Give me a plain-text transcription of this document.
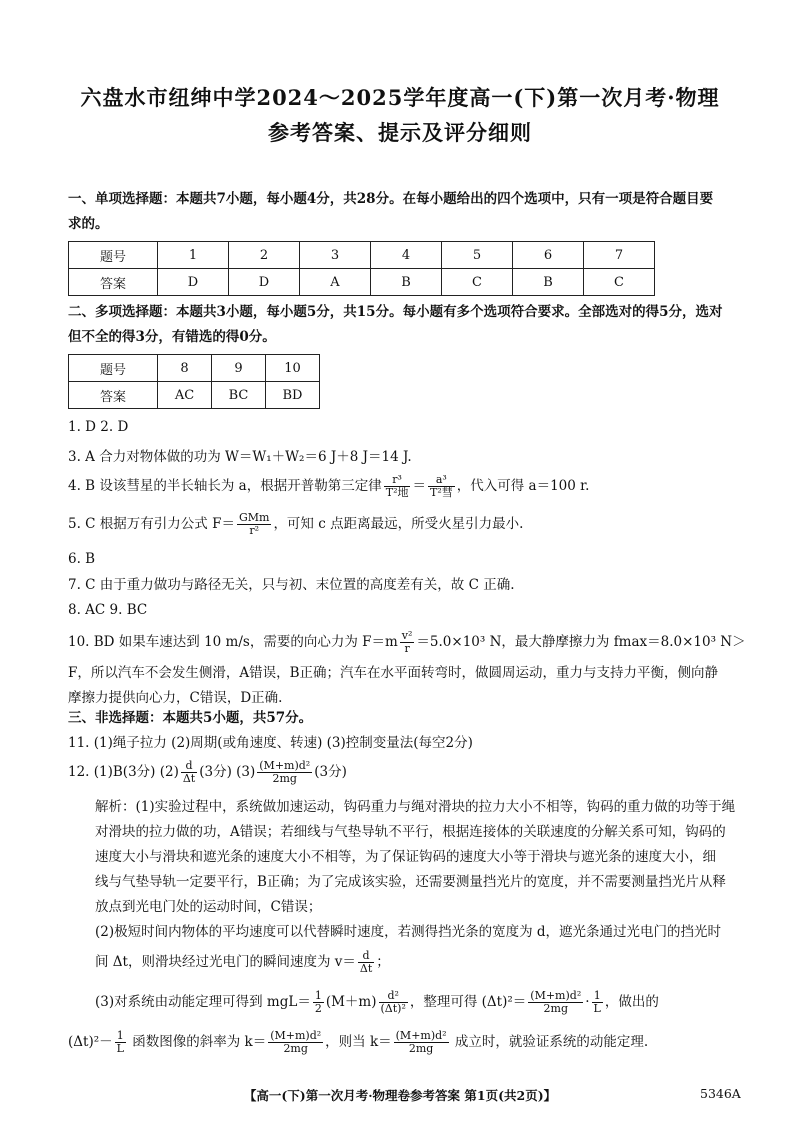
六盘水市纽绅中学2024～2025学年度高一(下)第一次月考·物理
参考答案、提示及评分细则
一、单项选择题：本题共7小题，每小题4分，共28分。在每小题给出的四个选项中，只有一项是符合题目要
求的。
题号	1	2	3	4	5	6	7
答案	D	D	A	B	C	B	C
二、多项选择题：本题共3小题，每小题5分，共15分。每小题有多个选项符合要求。全部选对的得5分，选对
但不全的得3分，有错选的得0分。
题号	8	9	10
答案	AC	BC	BD
1. D 2. D
3. A 合力对物体做的功为 W＝W₁＋W₂＝6 J＋8 J＝14 J.
4. B 设该彗星的半长轴长为 a，根据开普勒第三定律 $\frac{\text{r³}}{\text{T²地}} = \frac{\text{a³}}{\text{T²彗}}$ ，代入可得 a＝100 r.
5. C 根据万有引力公式 $F= \frac{\text{GMm}}{\text{r²}}$ ，可知 c 点距离最远，所受火星引力最小.
6. B
7. C 由于重力做功与路径无关，只与初、末位置的高度差有关，故 C 正确.
8. AC 9. BC
10. BD 如果车速达到 10 m/s，需要的向心力为 $F=m \frac{\text{v²}}{r} =5.0\times 10^3$ N，最大静摩擦力为 fmax＝8.0×10³ N＞
F，所以汽车不会发生侧滑，A错误，B正确；汽车在水平面转弯时，做圆周运动，重力与支持力平衡，侧向静
摩擦力提供向心力，C错误，D正确.
三、非选择题：本题共5小题，共57分。
11. (1)绳子拉力 (2)周期(或角速度、转速) (3)控制变量法(每空2分)
12. (1)B(3分) $(2) \frac{d}{\Delta t} (3$分) $(3) \frac{\text{(M+m)d²}}{2mg} (3$分)
解析：(1)实验过程中，系统做加速运动，钩码重力与绳对滑块的拉力大小不相等，钩码的重力做的功等于绳
对滑块的拉力做的功，A错误；若细线与气垫导轨不平行，根据连接体的关联速度的分解关系可知，钩码的
速度大小与滑块和遮光条的速度大小不相等，为了保证钩码的速度大小等于滑块与遮光条的速度大小，细
线与气垫导轨一定要平行，B正确；为了完成该实验，还需要测量挡光片的宽度，并不需要测量挡光片从释
放点到光电门处的运动时间，C错误；
(2)极短时间内物体的平均速度可以代替瞬时速度，若测得挡光条的宽度为 d，遮光条通过光电门的挡光时
间 Δt，则滑块经过光电门的瞬间速度为 $v= \frac{d}{\Delta t}$ ；
(3)对系统由动能定理可得到 $mgL= \frac{1}{2} (M+m) \frac{\text{d²}}{\text{(Δt)²}}$ ，整理可得 $(\Delta t)^2= \frac{\text{(M+m)d²}}{2mg} \cdot \frac{1}{L}$ ，做出的
$(\Delta t)^2- \frac{1}{L}$ 函数图像的斜率为 $k= \frac{\text{(M+m)d²}}{2mg}$ ，则当 $k= \frac{\text{(M+m)d²}}{2mg}$ 成立时，就验证系统的动能定理.
【高一(下)第一次月考·物理卷参考答案 第1页(共2页)】	5346A
